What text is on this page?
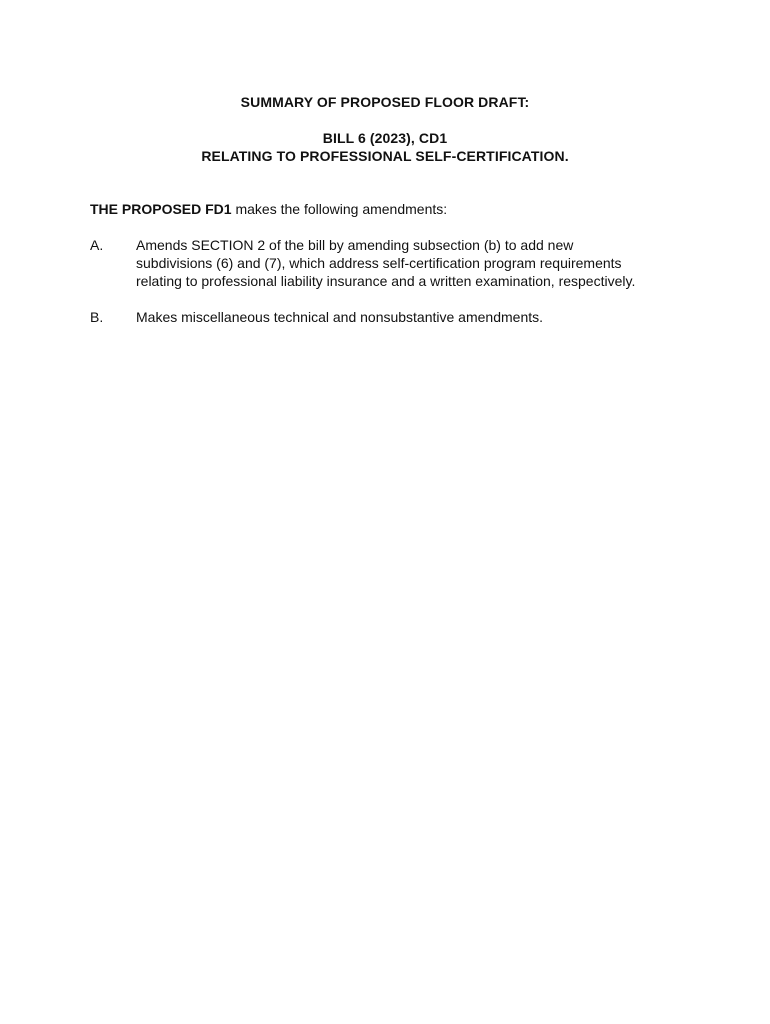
SUMMARY OF PROPOSED FLOOR DRAFT:
BILL 6 (2023), CD1
RELATING TO PROFESSIONAL SELF-CERTIFICATION.
THE PROPOSED FD1 makes the following amendments:
A. Amends SECTION 2 of the bill by amending subsection (b) to add new
subdivisions (6) and (7), which address self-certification program requirements
relating to professional liability insurance and a written examination, respectively.
B. Makes miscellaneous technical and nonsubstantive amendments.
